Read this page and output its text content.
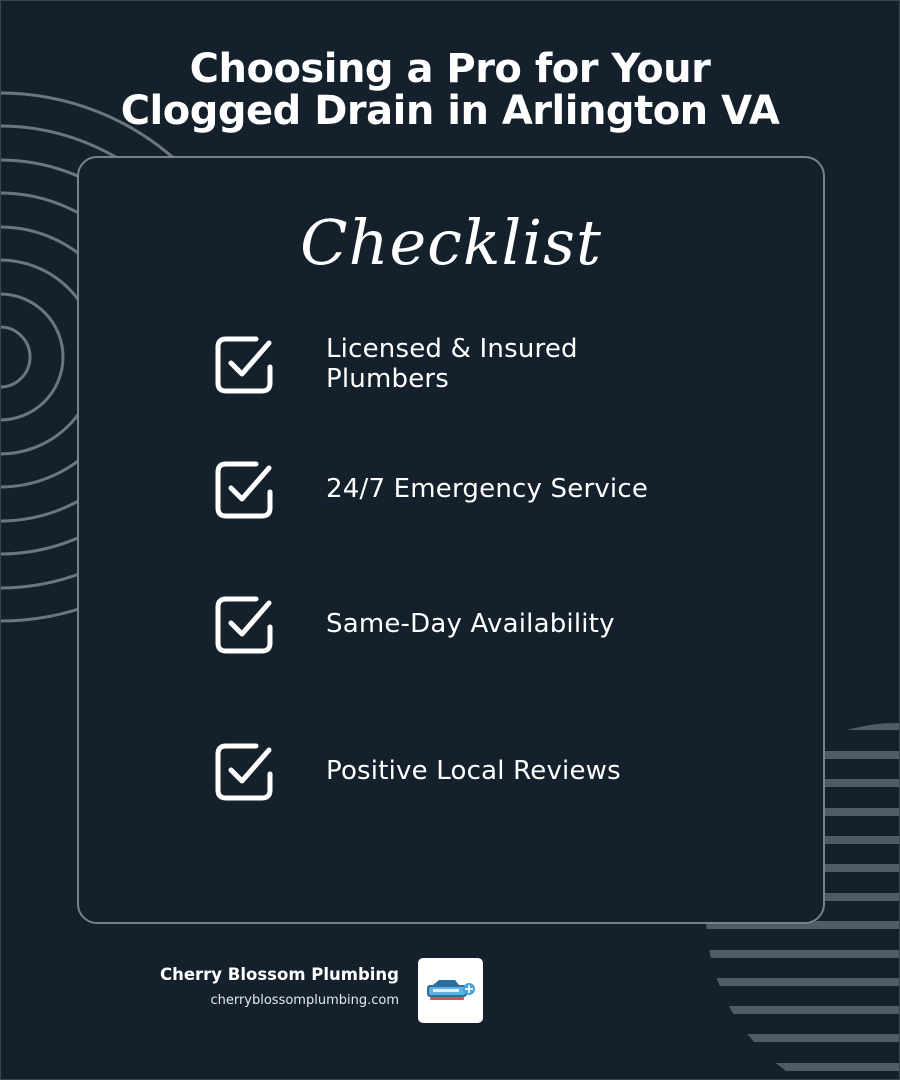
Choosing a Pro for Your
Clogged Drain in Arlington VA
Checklist
Licensed & Insured
Plumbers
24/7 Emergency Service
Same-Day Availability
Positive Local Reviews
Cherry Blossom Plumbing
cherryblossomplumbing.com
